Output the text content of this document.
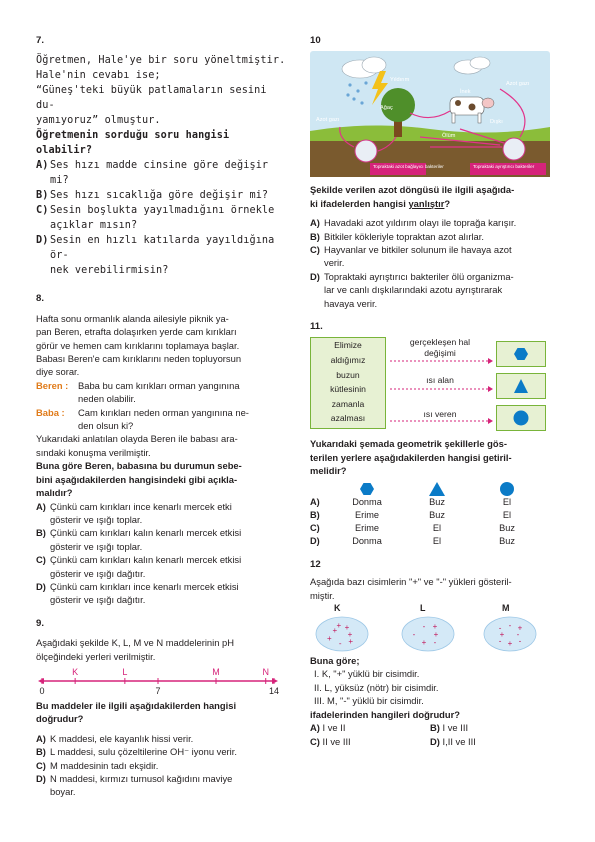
7.
Öğretmen, Hale'ye bir soru yöneltmiştir.
Hale'nin cevabı ise;
“Güneş'teki büyük patlamaların sesini du-
yamıyoruz” olmuştur.
Öğretmenin sorduğu soru hangisi olabilir?
A) Ses hızı madde cinsine göre değişir mi?
B) Ses hızı sıcaklığa göre değişir mi?
C) Sesin boşlukta yayılmadığını örnekle
açıklar mısın?
D) Sesin en hızlı katılarda yayıldığına ör-
nek verebilirmisin?
8.
Hafta sonu ormanlık alanda ailesiyle piknik ya-
pan Beren, etrafta dolaşırken yerde cam kırıkları
görür ve hemen cam kırıklarını toplamaya başlar.
Babası Beren'e cam kırıklarını neden topluyorsun
diye sorar.
Beren :	Baba bu cam kırıkları orman yangınına
neden olabilir.
Baba :	Cam kırıkları neden orman yangınına ne-
den olsun ki?
Yukarıdaki anlatılan olayda Beren ile babası ara-
sındaki konuşma verilmiştir.
Buna göre Beren, babasına bu durumun sebe-
bini aşağıdakilerden hangisindeki gibi açıkla-
malıdır?
A) Çünkü cam kırıkları ince kenarlı mercek etki
gösterir ve ışığı toplar.
B) Çünkü cam kırıkları kalın kenarlı mercek etkisi
gösterir ve ışığı toplar.
C) Çünkü cam kırıkları kalın kenarlı mercek etkisi
gösterir ve ışığı dağıtır.
D) Çünkü cam kırıkları ince kenarlı mercek etkisi
gösterir ve ışığı dağıtır.
9.
Aşağıdaki şekilde K, L, M ve N maddelerinin pH
ölçeğindeki yerleri verilmiştir.
0	7	14
K	L	M	N
Bu maddeler ile ilgili aşağıdakilerden hangisi
doğrudur?
A) K maddesi, ele kayanlık hissi verir.
B) L maddesi, sulu çözeltilerine OH⁻ iyonu verir.
C) M maddesinin tadı ekşidir.
D) N maddesi, kırmızı turnusol kağıdını maviye
boyar.
10
Yıldırım
Ağaç
İnek
Azot gazı
Azot gazı	Dışkı
Ölüm
Topraktaki azot bağlayıcı bakteriler	Topraktaki ayrıştırıcı bakteriler
Şekilde verilen azot döngüsü ile ilgili aşağıda-
ki ifadelerden hangisi yanlıştır?
A) Havadaki azot yıldırım olayı ile toprağa karışır.
B) Bitkiler kökleriyle topraktan azot alırlar.
C) Hayvanlar ve bitkiler solunum ile havaya azot
verir.
D) Topraktaki ayrıştırıcı bakteriler ölü organizma-
lar ve canlı dışkılarındaki azotu ayrıştırarak
havaya verir.
11.
Elimize
aldığımız
buzun
kütlesinin
zamanla
azalması
gerçekleşen hal değişimi
ısı alan
ısı veren
Yukarıdaki şemada geometrik şekillerle gös-
terilen yerlere aşağıdakilerden hangisi getiril-
melidir?
A)	Donma	Buz	El
B)	Erime	Buz	El
C)	Erime	El	Buz
D)	Donma	El	Buz
12
Aşağıda bazı cisimlerin "+" ve "-" yükleri gösteril-
miştir.
K
+
+
-
+
+
+ +
L
+
-
+
-
- +
M
-
-
+
-
+
- - +
Buna göre;
I. K, "+" yüklü bir cisimdir.
II. L, yüksüz (nötr) bir cisimdir.
III. M, "-" yüklü bir cisimdir.
ifadelerinden hangileri doğrudur?
A) I ve II	B) I ve III
C) II ve III	D) I,II ve III
